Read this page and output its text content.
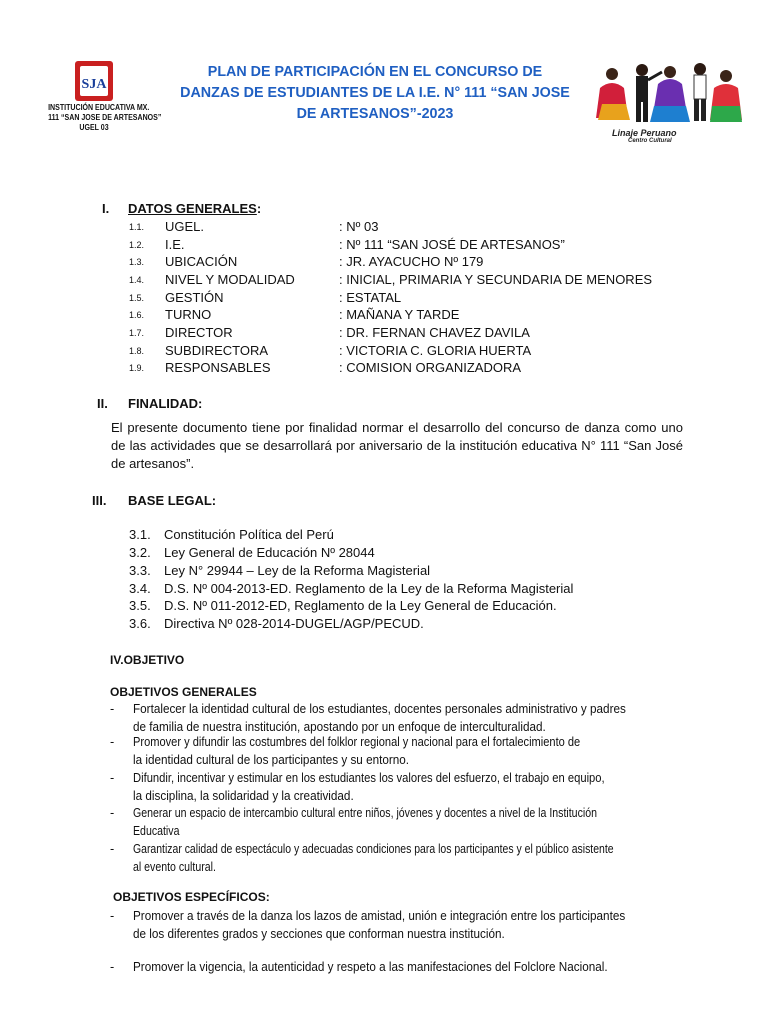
SJA
INSTITUCIÓN EDUCATIVA MX.
111 “SAN JOSE DE ARTESANOS”
UGEL 03
PLAN DE PARTICIPACIÓN EN EL CONCURSO DE
DANZAS DE ESTUDIANTES DE LA I.E. N° 111 “SAN JOSE
DE ARTESANOS”-2023
Linaje Peruano
Centro Cultural
I. DATOS GENERALES:
1.1. UGEL.	: Nº 03
1.2. I.E.	: Nº 111 “SAN JOSÉ DE ARTESANOS”
1.3. UBICACIÓN	: JR. AYACUCHO Nº 179
1.4. NIVEL Y MODALIDAD	: INICIAL, PRIMARIA Y SECUNDARIA DE MENORES
1.5. GESTIÓN	: ESTATAL
1.6. TURNO	: MAÑANA Y TARDE
1.7. DIRECTOR	: DR. FERNAN CHAVEZ DAVILA
1.8. SUBDIRECTORA	: VICTORIA C. GLORIA HUERTA
1.9. RESPONSABLES	: COMISION ORGANIZADORA
II. FINALIDAD:
El presente documento tiene por finalidad normar el desarrollo del concurso de danza como uno de las actividades que se desarrollará por aniversario de la institución educativa N° 111 “San José de artesanos”.
III. BASE LEGAL:
3.1. Constitución Política del Perú
3.2. Ley General de Educación Nº 28044
3.3. Ley N° 29944 – Ley de la Reforma Magisterial
3.4. D.S. Nº 004-2013-ED. Reglamento de la Ley de la Reforma Magisterial
3.5. D.S. Nº 011-2012-ED, Reglamento de la Ley General de Educación.
3.6. Directiva Nº 028-2014-DUGEL/AGP/PECUD.
IV.OBJETIVO
OBJETIVOS GENERALES
- Fortalecer la identidad cultural de los estudiantes, docentes personales administrativo y padres
de familia de nuestra institución, apostando por un enfoque de interculturalidad.
- Promover y difundir las costumbres del folklor regional y nacional para el fortalecimiento de
la identidad cultural de los participantes y su entorno.
- Difundir, incentivar y estimular en los estudiantes los valores del esfuerzo, el trabajo en equipo,
la disciplina, la solidaridad y la creatividad.
- Generar un espacio de intercambio cultural entre niños, jóvenes y docentes a nivel de la Institución
Educativa
- Garantizar calidad de espectáculo y adecuadas condiciones para los participantes y el público asistente
al evento cultural.
OBJETIVOS ESPECÍFICOS:
- Promover a través de la danza los lazos de amistad, unión e integración entre los participantes
de los diferentes grados y secciones que conforman nuestra institución.
- Promover la vigencia, la autenticidad y respeto a las manifestaciones del Folclore Nacional.
